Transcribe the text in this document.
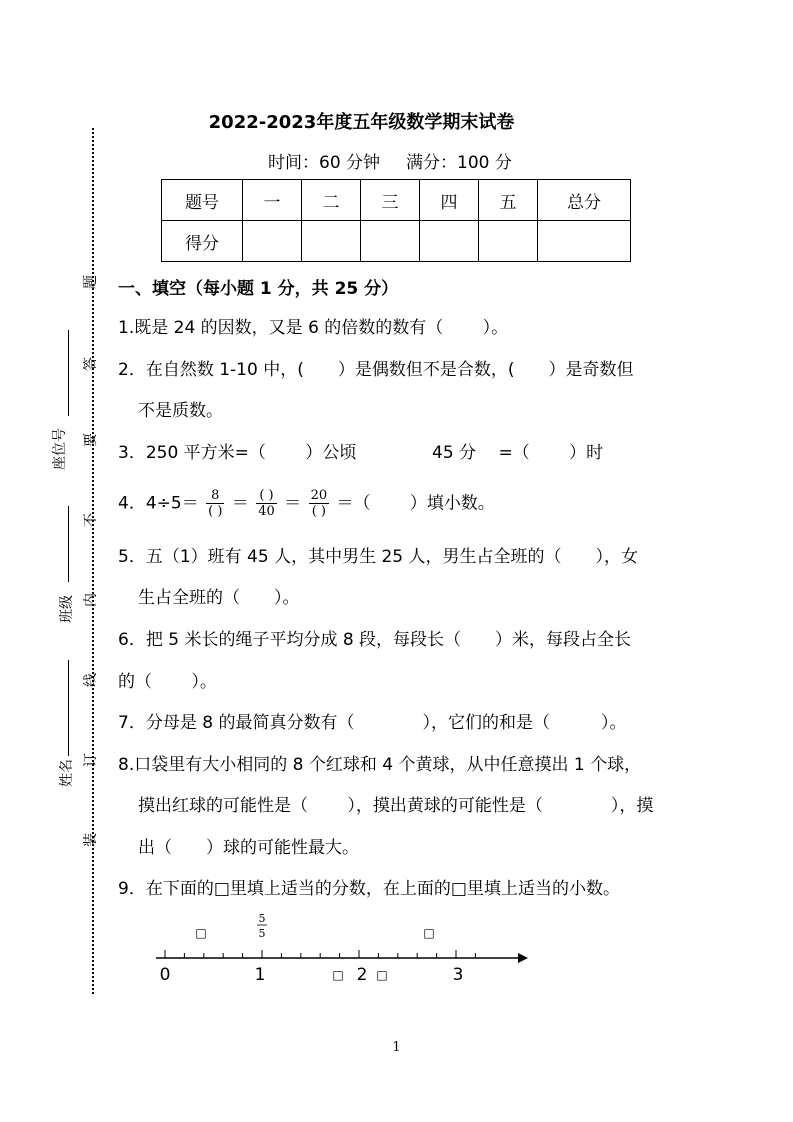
题
答
要
不
内
线
订
装
座位号
班级
姓名
2022-2023年度五年级数学期末试卷
时间：60 分钟 满分：100 分
题号	一	二	三	四	五	总分
得分						
一、填空（每小题 1 分，共 25 分）
1.既是 24 的因数，又是 6 的倍数的数有（　　 ）。
2．在自然数 1-10 中，(　　）是偶数但不是合数，(　　）是奇数但
不是质数。
3．250 平方米=（　　 ）公顷	45 分　 =（　　 ）时
4．$4\div 5= \frac{8}{( )} = \frac{( )}{40} = \frac{20}{( )}$ ＝（　　 ）填小数。
5．五（1）班有 45 人，其中男生 25 人，男生占全班的（　　），女
生占全班的（　　）。
6．把 5 米长的绳子平均分成 8 段，每段长（　　）米，每段占全长
的（　　 ）。
7．分母是 8 的最简真分数有（　　　　），它们的和是（　　　）。
8.口袋里有大小相同的 8 个红球和 4 个黄球，从中任意摸出 1 个球，
摸出红球的可能性是（　　 ），摸出黄球的可能性是（　　　　），摸
出（　　）球的可能性最大。
9．在下面的□里填上适当的分数，在上面的□里填上适当的小数。
0	1	2	3
□	□
□	□
5
5
1
